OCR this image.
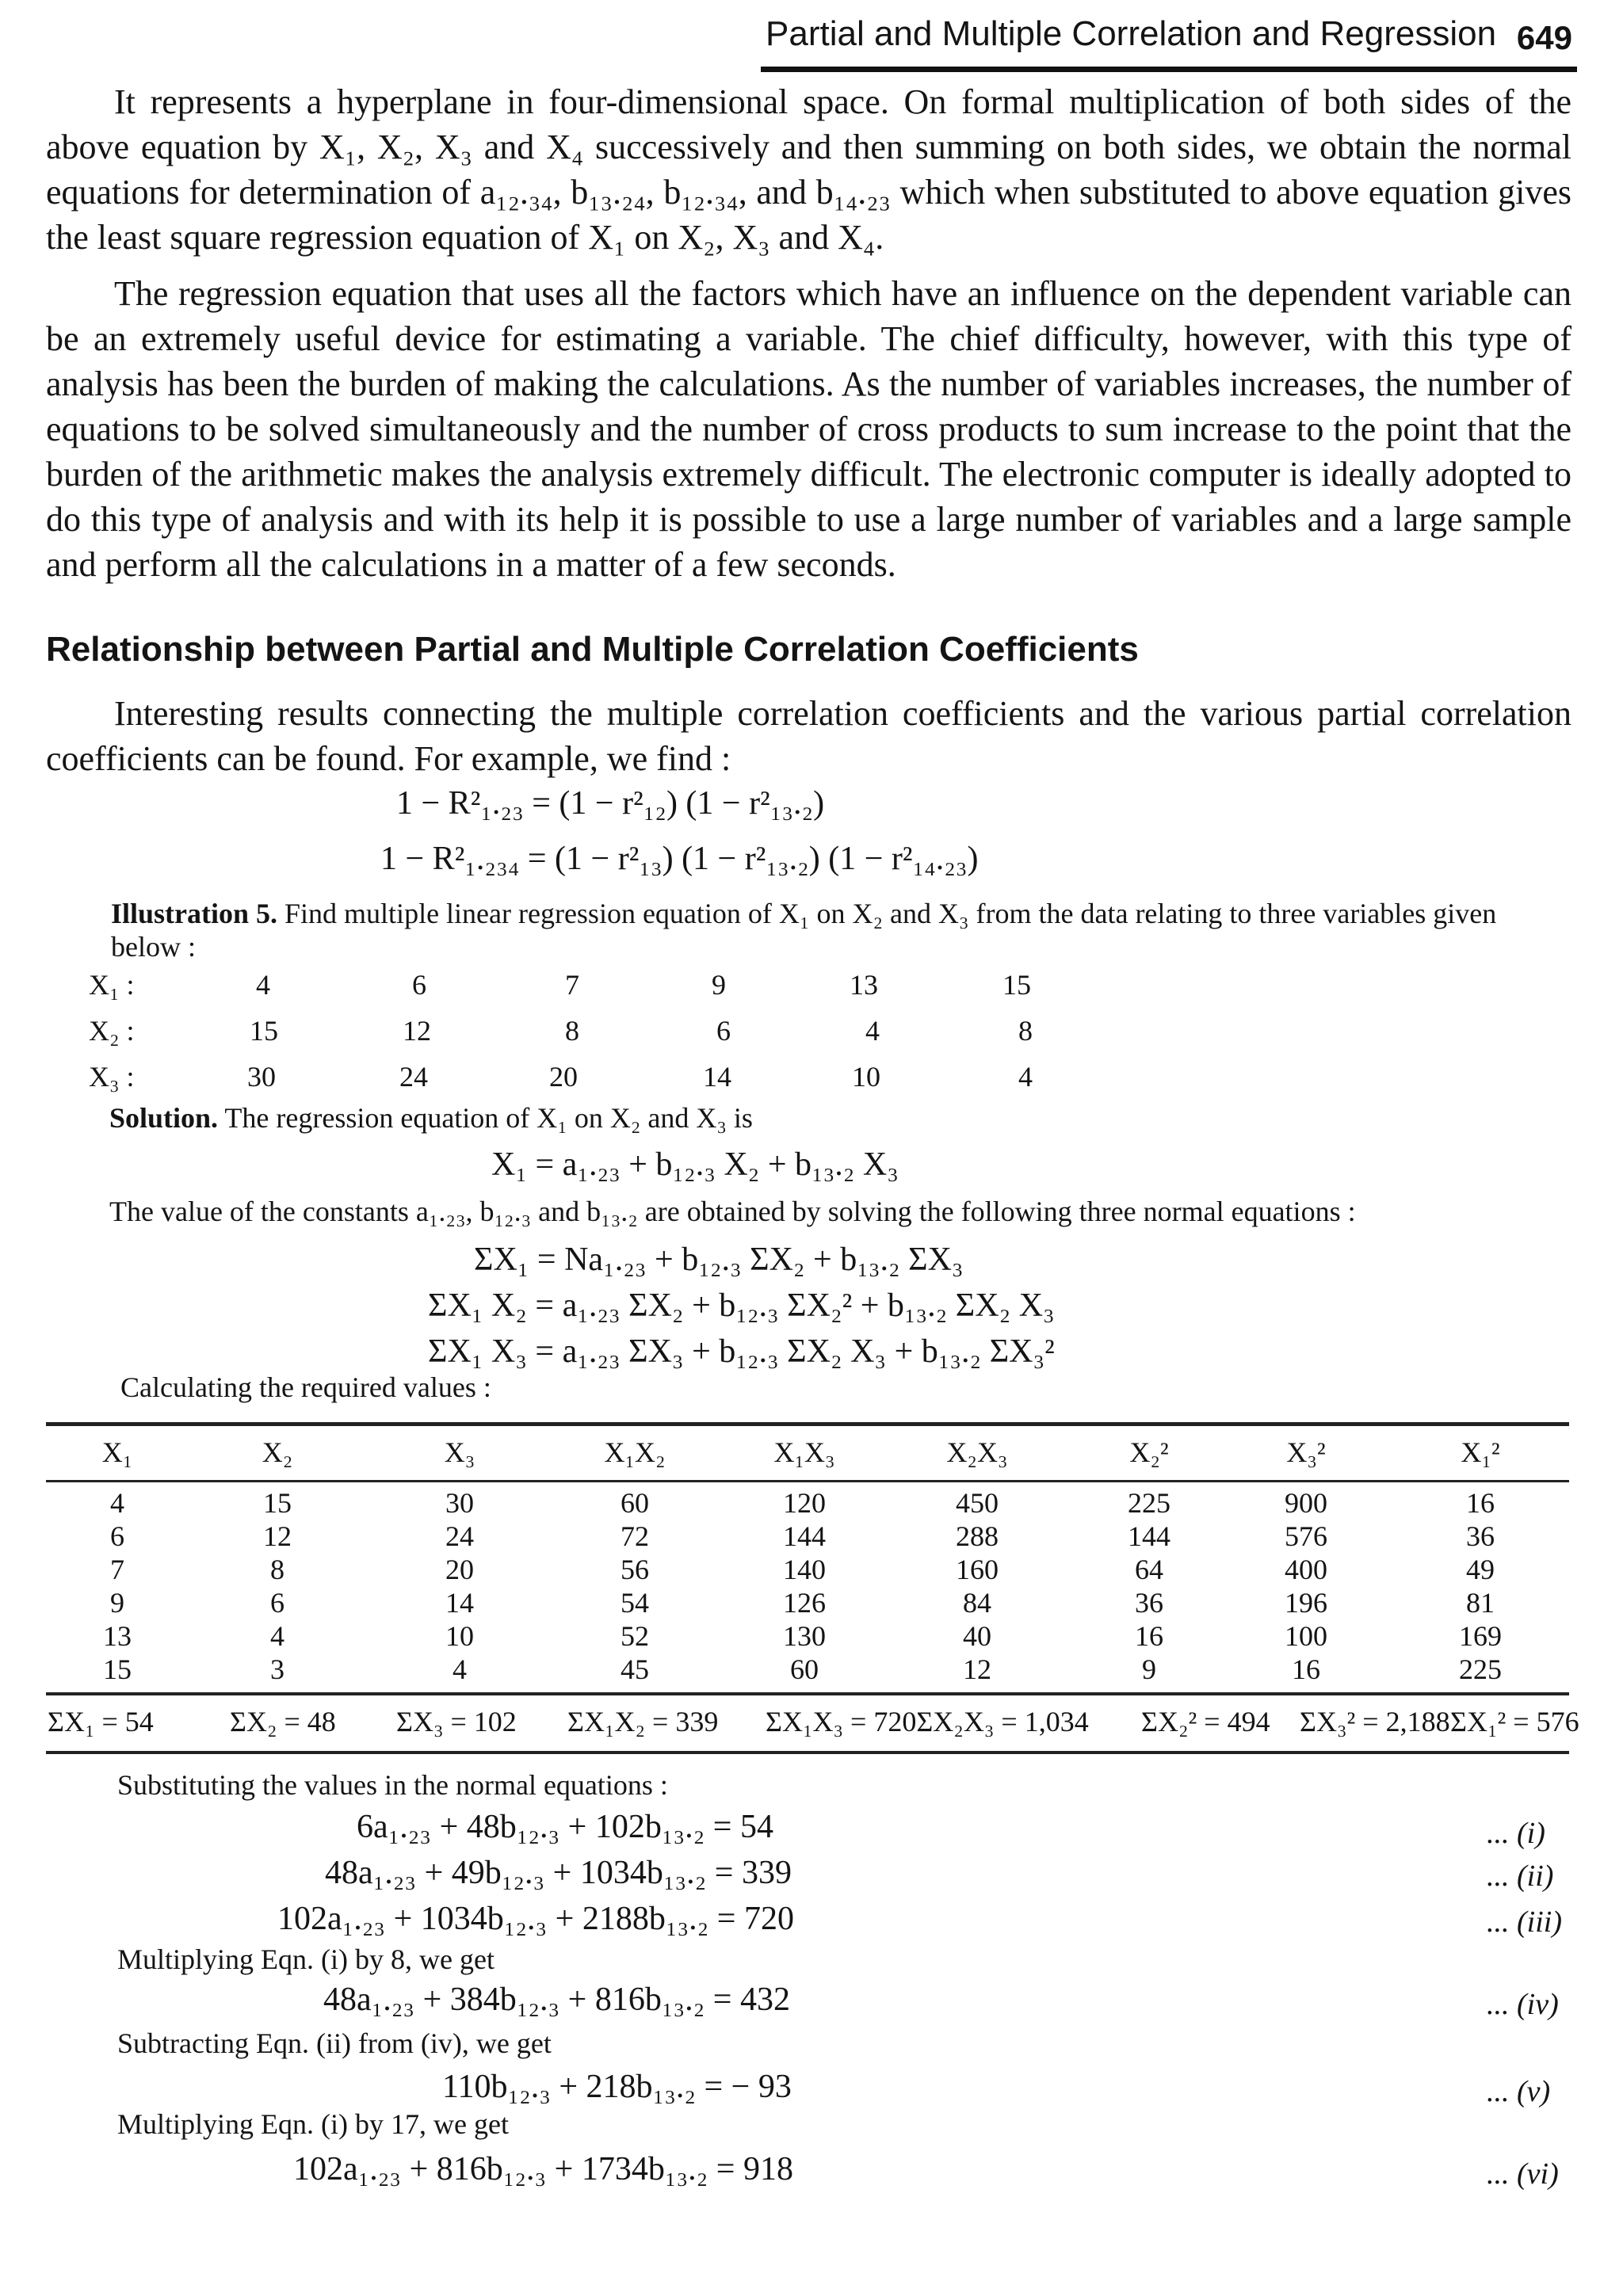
Partial and Multiple Correlation and Regression 649

It represents a hyperplane in four-dimensional space. On formal multiplication of both sides of the above equation by X₁, X₂, X₃ and X₄ successively and then summing on both sides, we obtain the normal equations for determination of a₁₂.₃₄, b₁₃.₂₄, b₁₂.₃₄, and b₁₄.₂₃ which when substituted to above equation gives the least square regression equation of X₁ on X₂, X₃ and X₄.

The regression equation that uses all the factors which have an influence on the dependent variable can be an extremely useful device for estimating a variable. The chief difficulty, however, with this type of analysis has been the burden of making the calculations. As the number of variables increases, the number of equations to be solved simultaneously and the number of cross products to sum increase to the point that the burden of the arithmetic makes the analysis extremely difficult. The electronic computer is ideally adopted to do this type of analysis and with its help it is possible to use a large number of variables and a large sample and perform all the calculations in a matter of a few seconds.

Relationship between Partial and Multiple Correlation Coefficients

Interesting results connecting the multiple correlation coefficients and the various partial correlation coefficients can be found. For example, we find :

1 − R²₁.₂₃ = (1 − r²₁₂) (1 − r²₁₃.₂)
1 − R²₁.₂₃₄ = (1 − r²₁₃) (1 − r²₁₃.₂) (1 − r²₁₄.₂₃)
Illustration 5. Find multiple linear regression equation of X₁ on X₂ and X₃ from the data relating to three variables given below :
X₁ :	4	6	7	9	13	15
X₂ :	15	12	8	6	4	8
X₃ :	30	24	20	14	10	4
Solution. The regression equation of X₁ on X₂ and X₃ is
X₁ = a₁.₂₃ + b₁₂.₃ X₂ + b₁₃.₂ X₃
The value of the constants a₁.₂₃, b₁₂.₃ and b₁₃.₂ are obtained by solving the following three normal equations :
ΣX₁ = Na₁.₂₃ + b₁₂.₃ ΣX₂ + b₁₃.₂ ΣX₃
ΣX₁ X₂ = a₁.₂₃ ΣX₂ + b₁₂.₃ ΣX₂² + b₁₃.₂ ΣX₂ X₃
ΣX₁ X₃ = a₁.₂₃ ΣX₃ + b₁₂.₃ ΣX₂ X₃ + b₁₃.₂ ΣX₃²
Calculating the required values :
X₁	X₂	X₃	X₁X₂	X₁X₃	X₂X₃	X₂²	X₃²	X₁²
4	15	30	60	120	450	225	900	16
6	12	24	72	144	288	144	576	36
7	8	20	56	140	160	64	400	49
9	6	14	54	126	84	36	196	81
13	4	10	52	130	40	16	100	169
15	3	4	45	60	12	9	16	225
ΣX₁ = 54	ΣX₂ = 48 ΣX₃ = 102 ΣX₁X₂ = 339 ΣX₁X₃ = 720ΣX₂X₃ = 1,034 ΣX₂² = 494 ΣX₃² = 2,188 ΣX₁² = 576
Substituting the values in the normal equations :
6a₁.₂₃ + 48b₁₂.₃ + 102b₁₃.₂ = 54	... (i)
48a₁.₂₃ + 49b₁₂.₃ + 1034b₁₃.₂ = 339	... (ii)
102a₁.₂₃ + 1034b₁₂.₃ + 2188b₁₃.₂ = 720	... (iii)
Multiplying Eqn. (i) by 8, we get
48a₁.₂₃ + 384b₁₂.₃ + 816b₁₃.₂ = 432	... (iv)
Subtracting Eqn. (ii) from (iv), we get
110b₁₂.₃ + 218b₁₃.₂ = − 93	... (v)
Multiplying Eqn. (i) by 17, we get
102a₁.₂₃ + 816b₁₂.₃ + 1734b₁₃.₂ = 918	... (vi)
